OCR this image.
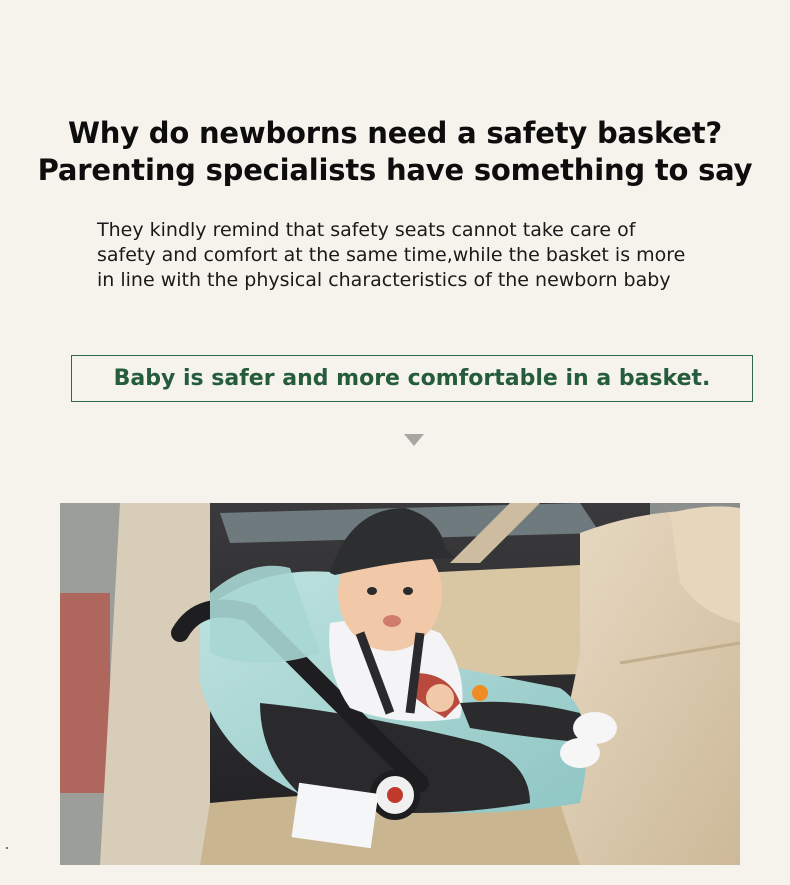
Why do newborns need a safety basket?
Parenting specialists have something to say
They kindly remind that safety seats cannot take care of
safety and comfort at the same time,while the basket is more
in line with the physical characteristics of the newborn baby
Baby is safer and more comfortable in a basket.
